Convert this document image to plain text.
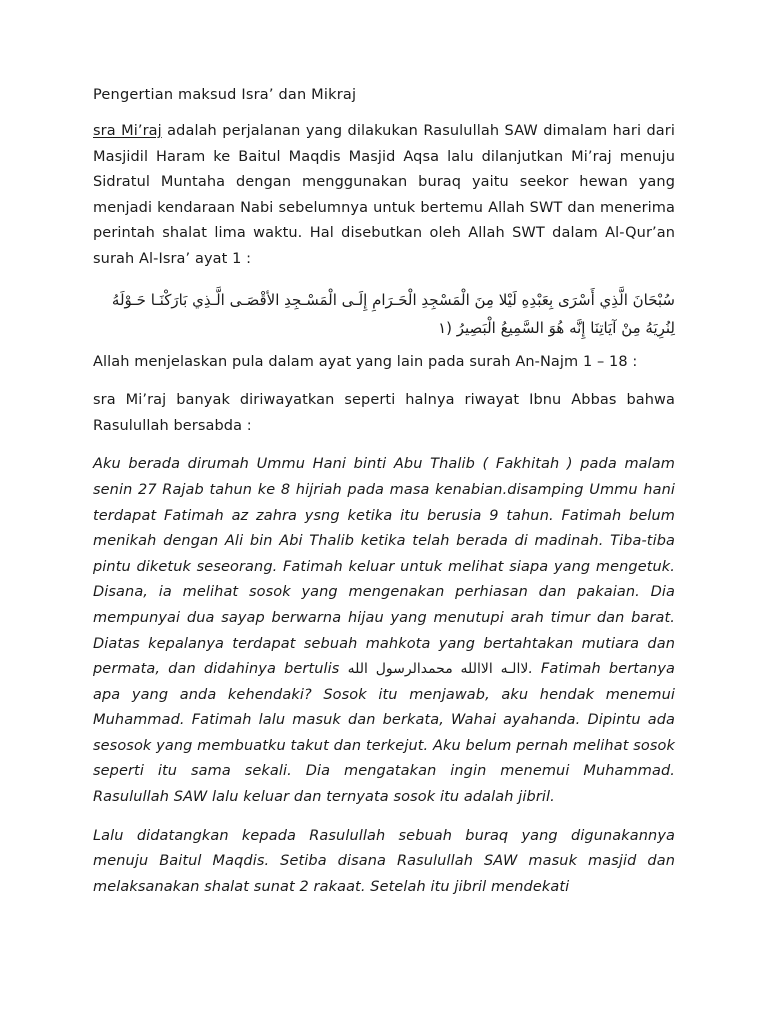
Pengertian maksud Isra’ dan Mikraj

sra Mi’raj adalah perjalanan yang dilakukan Rasulullah SAW dimalam hari dari Masjidil Haram ke Baitul Maqdis Masjid Aqsa lalu dilanjutkan Mi’raj menuju Sidratul Muntaha dengan menggunakan buraq yaitu seekor hewan yang menjadi kendaraan Nabi sebelumnya untuk bertemu Allah SWT dan menerima perintah shalat lima waktu. Hal disebutkan oleh Allah SWT dalam Al-Qur’an surah Al-Isra’ ayat 1 :

سُبْحَانَ الَّذِي أَسْرَى بِعَبْدِهِ لَيْلا مِنَ الْمَسْجِدِ الْحَـرَامِ إِلَـى الْمَسْـجِدِ الأقْصَـى الَّـذِي بَارَكْنَـا حَـوْلَهُ
لِنُرِيَهُ مِنْ آيَاتِنَا إِنَّه هُوَ السَّمِيعُ الْبَصِيرُ (١

Allah menjelaskan pula dalam ayat yang lain pada surah An-Najm 1 – 18 :

sra Mi’raj banyak diriwayatkan seperti halnya riwayat Ibnu Abbas bahwa Rasulullah bersabda :

Aku berada dirumah Ummu Hani binti Abu Thalib ( Fakhitah ) pada malam senin 27 Rajab tahun ke 8 hijriah pada masa kenabian.disamping Ummu hani terdapat Fatimah az zahra ysng ketika itu berusia 9 tahun. Fatimah belum menikah dengan Ali bin Abi Thalib ketika telah berada di madinah. Tiba-tiba pintu diketuk seseorang. Fatimah keluar untuk melihat siapa yang mengetuk. Disana, ia melihat sosok yang mengenakan perhiasan dan pakaian. Dia mempunyai dua sayap berwarna hijau yang menutupi arah timur dan barat. Diatas kepalanya terdapat sebuah mahkota yang bertahtakan mutiara dan permata, dan didahinya bertulis لاالـه الاالله محمدالرسول الله. Fatimah bertanya apa yang anda kehendaki? Sosok itu menjawab, aku hendak menemui Muhammad. Fatimah lalu masuk dan berkata, Wahai ayahanda. Dipintu ada sesosok yang membuatku takut dan terkejut. Aku belum pernah melihat sosok seperti itu sama sekali. Dia mengatakan ingin menemui Muhammad. Rasulullah SAW lalu keluar dan ternyata sosok itu adalah jibril.

Lalu didatangkan kepada Rasulullah sebuah buraq yang digunakannya menuju Baitul Maqdis. Setiba disana Rasulullah SAW masuk masjid dan melaksanakan shalat sunat 2 rakaat. Setelah itu jibril mendekati
